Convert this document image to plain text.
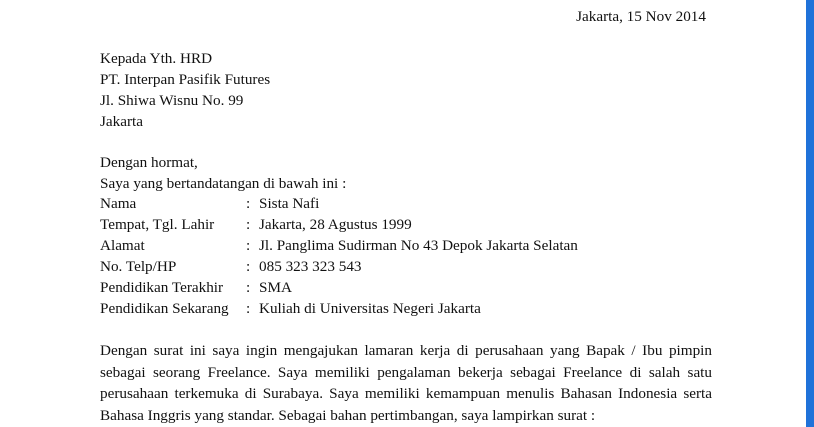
Jakarta, 15 Nov 2014
Kepada Yth. HRD
PT. Interpan Pasifik Futures
Jl. Shiwa Wisnu No. 99
Jakarta
Dengan hormat,
Saya yang bertandatangan di bawah ini :
Nama	: Sista Nafi
Tempat, Tgl. Lahir : Jakarta, 28 Agustus 1999
Alamat	: Jl. Panglima Sudirman No 43 Depok Jakarta Selatan
No. Telp/HP	: 085 323 323 543
Pendidikan Terakhir : SMA
Pendidikan Sekarang : Kuliah di Universitas Negeri Jakarta
Dengan surat ini saya ingin mengajukan lamaran kerja di perusahaan yang Bapak / Ibu pimpin
sebagai seorang Freelance. Saya memiliki pengalaman bekerja sebagai Freelance di salah satu
perusahaan terkemuka di Surabaya. Saya memiliki kemampuan menulis Bahasan Indonesia serta
Bahasa Inggris yang standar. Sebagai bahan pertimbangan, saya lampirkan surat :
